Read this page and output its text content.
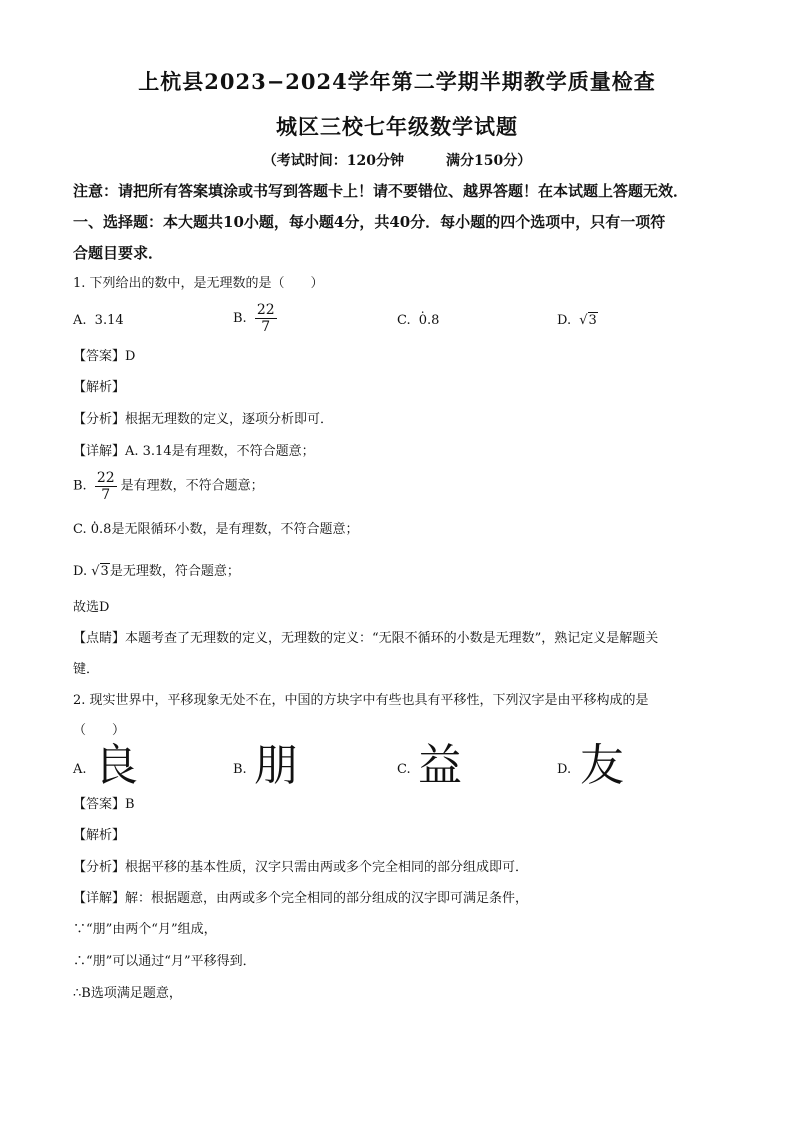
上杭县2023−2024学年第二学期半期教学质量检查
城区三校七年级数学试题
（考试时间：120分钟	满分150分）
注意：请把所有答案填涂或书写到答题卡上！请不要错位、越界答题！在本试题上答题无效．
一、选择题：本大题共10小题，每小题4分，共40分．每小题的四个选项中，只有一项符
合题目要求．
1. 下列给出的数中，是无理数的是（　　）
A. 3.14	B. $\frac{22}{7}$	C. 0.8 .	D. √3
【答案】D
【解析】
【分析】根据无理数的定义，逐项分析即可．
【详解】A. 3.14是有理数，不符合题意；
B. $\frac{22}{7}$ 是有理数，不符合题意；
C. 0.8 .是无限循环小数，是有理数，不符合题意；
D. √3是无理数，符合题意；
故选D
【点睛】本题考查了无理数的定义，无理数的定义：“无限不循环的小数是无理数”，熟记定义是解题关
键．
2. 现实世界中，平移现象无处不在，中国的方块字中有些也具有平移性，下列汉字是由平移构成的是
（　　）
A. 良	B. 朋	C. 益	D. 友
【答案】B
【解析】
【分析】根据平移的基本性质，汉字只需由两或多个完全相同的部分组成即可．
【详解】解：根据题意，由两或多个完全相同的部分组成的汉字即可满足条件，
∵“朋”由两个“月”组成，
∴“朋”可以通过“月”平移得到．
∴B选项满足题意，
